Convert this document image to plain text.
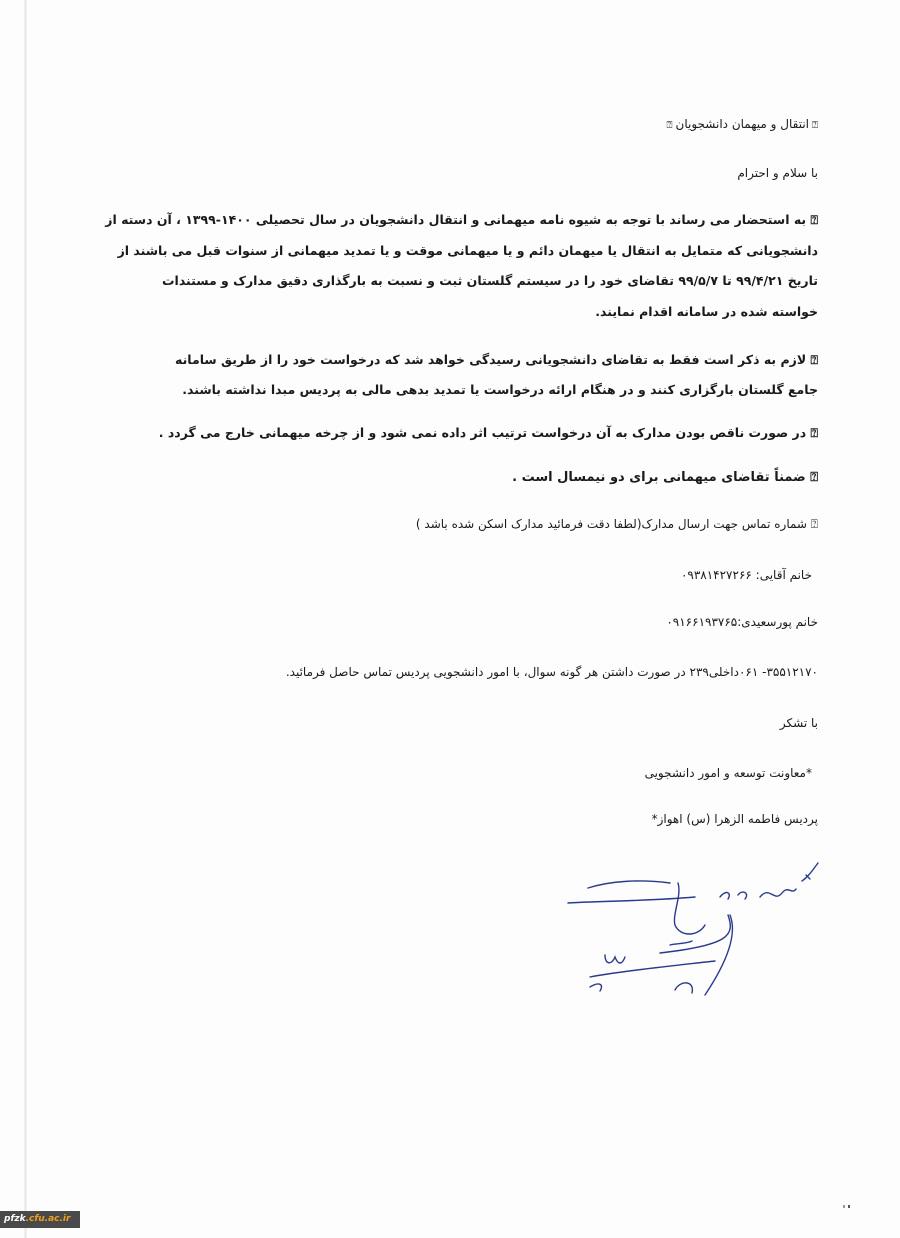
⍰انتقال و میهمان دانشجویان⍰
با سلام و احترام
⍰ به استحضار می رساند با توجه به شیوه نامه میهمانی و انتقال دانشجویان در سال تحصیلی ۱۴۰۰-۱۳۹۹ ، آن دسته از
دانشجویانی که متمایل به انتقال یا میهمان دائم و یا میهمانی موقت و یا تمدید میهمانی از سنوات قبل می باشند از
تاریخ ۹۹/۴/۲۱ تا ۹۹/۵/۷ تقاضای خود را در سیستم گلستان ثبت و نسبت به بارگذاری دقیق مدارک و مستندات
خواسته شده در سامانه اقدام نمایند.
⍰ لازم به ذکر است فقط به تقاضای دانشجویانی رسیدگی خواهد شد که درخواست خود را از طریق سامانه
جامع گلستان بارگزاری کنند و در هنگام ارائه درخواست یا تمدید بدهی مالی به پردیس مبدا نداشته باشند.
⍰ در صورت ناقص بودن مدارک به آن درخواست ترتیب اثر داده نمی شود و از چرخه میهمانی خارج می گردد .
⍰ ضمناً تقاضای میهمانی برای دو نیمسال است .
⍰ شماره تماس جهت ارسال مدارک(لطفا دقت فرمائید مدارک اسکن شده باشد )
خانم آقایی: ۰۹۳۸۱۴۲۷۲۶۶
خانم پورسعیدی:۰۹۱۶۶۱۹۳۷۶۵
۳۵۵۱۲۱۷۰- ۰۶۱داخلی۲۳۹ در صورت داشتن هر گونه سوال، با امور دانشجویی پردیس تماس حاصل فرمائید.
با تشکر
*معاونت توسعه و امور دانشجویی
پردیس فاطمه الزهرا (س) اهواز*
pfzk.cfu.ac.ir
